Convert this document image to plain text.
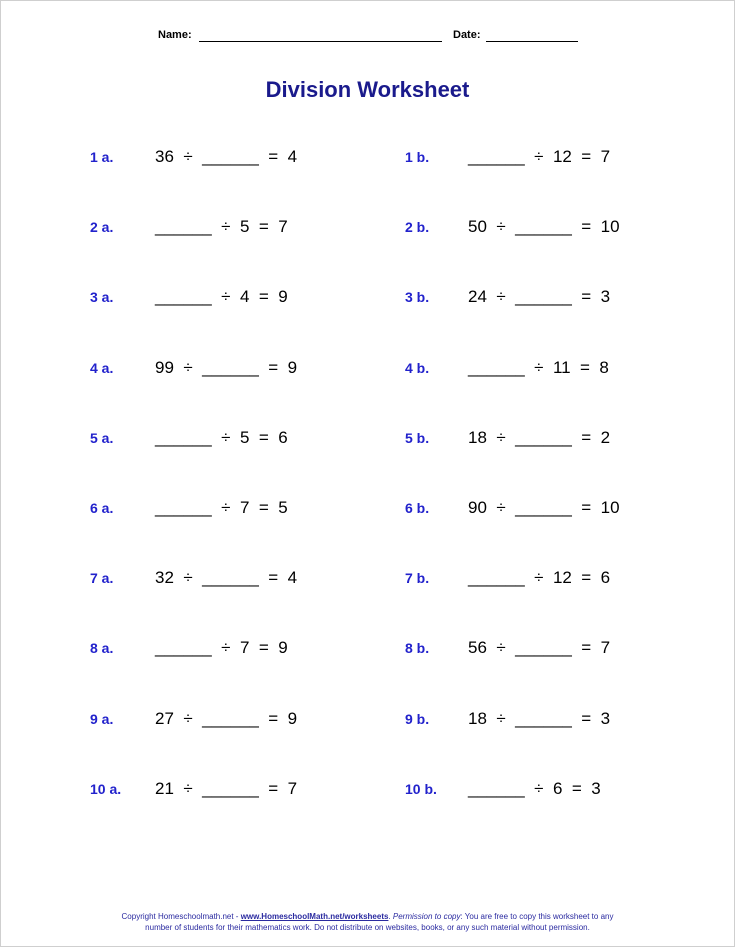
Name:	Date:
Division Worksheet
1 a. 36  ÷  ______  =  4	1 b. ______  ÷  12  =  7
2 a. ______  ÷  5  =  7	2 b. 50  ÷  ______  =  10
3 a. ______  ÷  4  =  9	3 b. 24  ÷  ______  =  3
4 a. 99  ÷  ______  =  9	4 b. ______  ÷  11  =  8
5 a. ______  ÷  5  =  6	5 b. 18  ÷  ______  =  2
6 a. ______  ÷  7  =  5	6 b. 90  ÷  ______  =  10
7 a. 32  ÷  ______  =  4	7 b. ______  ÷  12  =  6
8 a. ______  ÷  7  =  9	8 b. 56  ÷  ______  =  7
9 a. 27  ÷  ______  =  9	9 b. 18  ÷  ______  =  3
10 a. 21  ÷  ______  =  7	10 b. ______  ÷  6  =  3
Copyright Homeschoolmath.net - www.HomeschoolMath.net/worksheets. Permission to copy: You are free to copy this worksheet to any
number of students for their mathematics work. Do not distribute on websites, books, or any such material without permission.
